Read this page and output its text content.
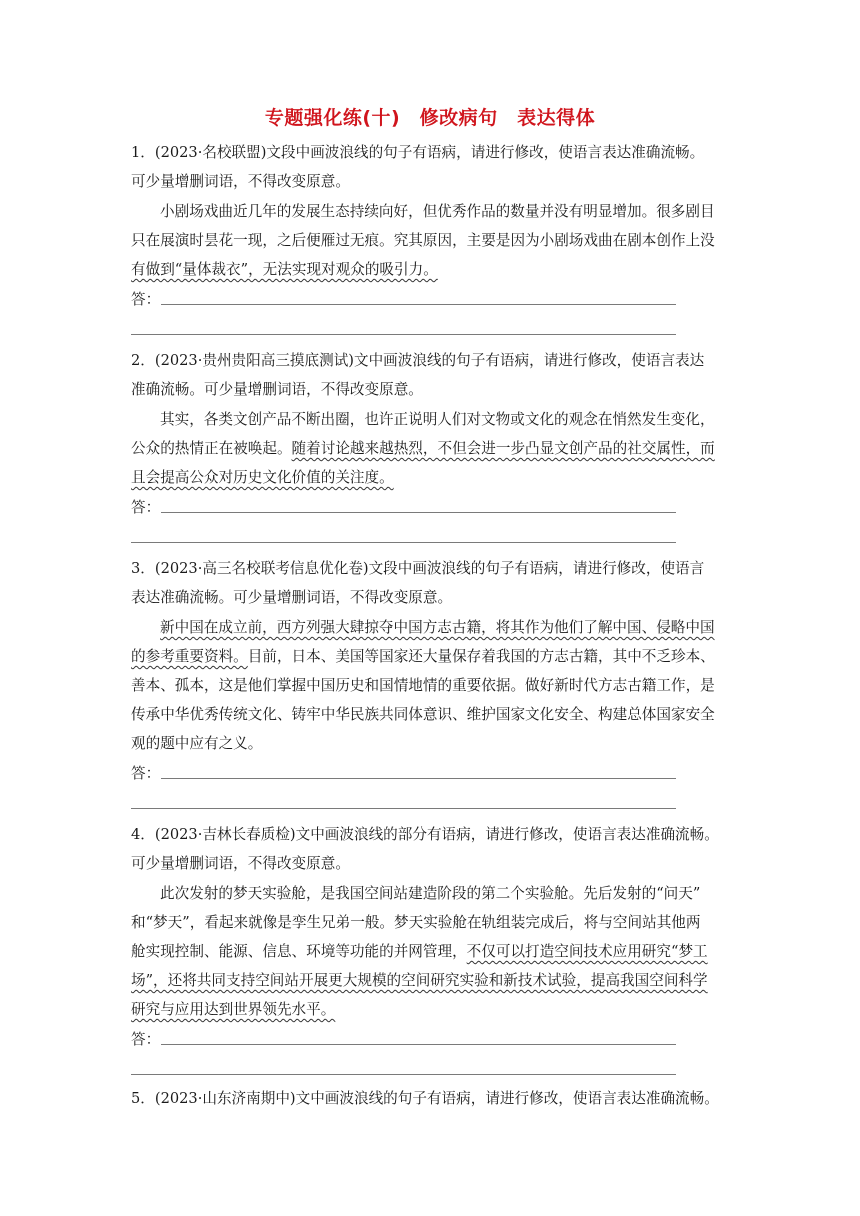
专题强化练(十)　修改病句　表达得体
1．(2023·名校联盟)文段中画波浪线的句子有语病，请进行修改，使语言表达准确流畅。
可少量增删词语，不得改变原意。
小剧场戏曲近几年的发展生态持续向好，但优秀作品的数量并没有明显增加。很多剧目
只在展演时昙花一现，之后便雁过无痕。究其原因，主要是因为小剧场戏曲在剧本创作上没
有做到“量体裁衣”，无法实现对观众的吸引力。
答：
2．(2023·贵州贵阳高三摸底测试)文中画波浪线的句子有语病，请进行修改，使语言表达
准确流畅。可少量增删词语，不得改变原意。
其实，各类文创产品不断出圈，也许正说明人们对文物或文化的观念在悄然发生变化，
公众的热情正在被唤起。随着讨论越来越热烈，不但会进一步凸显文创产品的社交属性，而
且会提高公众对历史文化价值的关注度。
答：
3．(2023·高三名校联考信息优化卷)文段中画波浪线的句子有语病，请进行修改，使语言
表达准确流畅。可少量增删词语，不得改变原意。
新中国在成立前，西方列强大肆掠夺中国方志古籍，将其作为他们了解中国、侵略中国
的参考重要资料。目前，日本、美国等国家还大量保存着我国的方志古籍，其中不乏珍本、
善本、孤本，这是他们掌握中国历史和国情地情的重要依据。做好新时代方志古籍工作，是
传承中华优秀传统文化、铸牢中华民族共同体意识、维护国家文化安全、构建总体国家安全
观的题中应有之义。
答：
4．(2023·吉林长春质检)文中画波浪线的部分有语病，请进行修改，使语言表达准确流畅。
可少量增删词语，不得改变原意。
此次发射的梦天实验舱，是我国空间站建造阶段的第二个实验舱。先后发射的“问天”
和“梦天”，看起来就像是孪生兄弟一般。梦天实验舱在轨组装完成后，将与空间站其他两
舱实现控制、能源、信息、环境等功能的并网管理，不仅可以打造空间技术应用研究“梦工
场”，还将共同支持空间站开展更大规模的空间研究实验和新技术试验，提高我国空间科学
研究与应用达到世界领先水平。
答：
5．(2023·山东济南期中)文中画波浪线的句子有语病，请进行修改，使语言表达准确流畅。
